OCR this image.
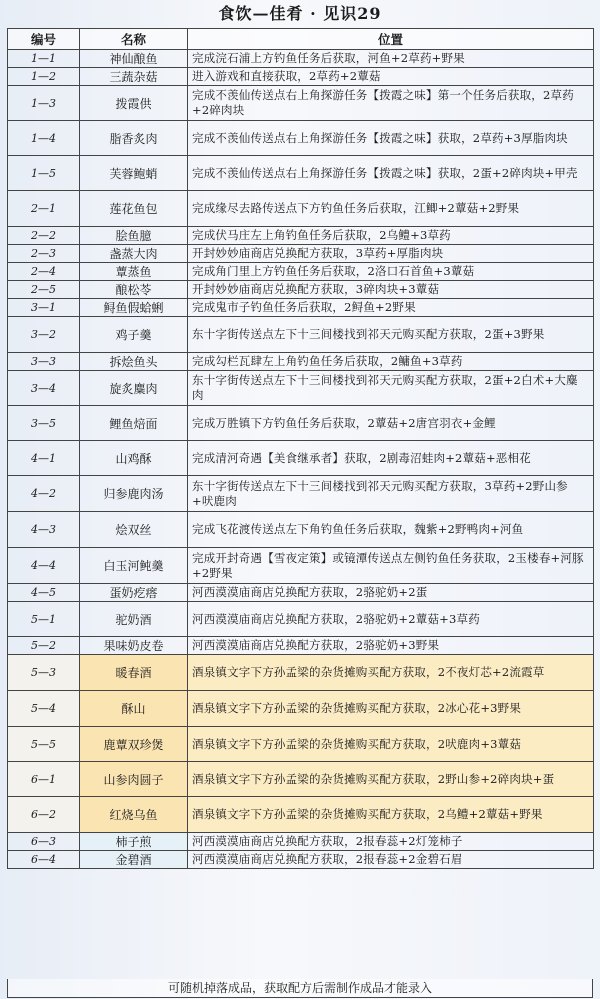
食饮—佳肴 · 见识29
编号	名称	位置
1—1	神仙酿鱼	完成浣石浦上方钓鱼任务后获取，河鱼+2草药+野果
1—2	三蔬杂菇	进入游戏和直接获取，2草药+2蕈菇
1—3	拨霞供	完成不羡仙传送点右上角探游任务【拨霞之味】第一个任务后获取，2草药+2碎肉块
1—4	脂香炙肉	完成不羡仙传送点右上角探游任务【拨霞之味】获取，2草药+3厚脂肉块
1—5	芙蓉鲍蛸	完成不羡仙传送点右上角探游任务【拨霞之味】获取，2蛋+2碎肉块+甲壳
2—1	莲花鱼包	完成缘尽去路传送点下方钓鱼任务后获取，江鲫+2蕈菇+2野果
2—2	脍鱼臆	完成伏马庄左上角钓鱼任务后获取，2乌鳢+3草药
2—3	盏蒸大肉	开封妙妙庙商店兑换配方获取，3草药+厚脂肉块
2—4	蕈蒸鱼	完成角门里上方钓鱼任务后获取，2洛口石首鱼+3蕈菇
2—5	酿松苓	开封妙妙庙商店兑换配方获取，3碎肉块+3蕈菇
3—1	鲟鱼假蛤蜊	完成鬼市子钓鱼任务后获取，2鲟鱼+2野果
3—2	鸡子羹	东十字街传送点左下十三间楼找到祁天元购买配方获取，2蛋+3野果
3—3	拆烩鱼头	完成勾栏瓦肆左上角钓鱼任务后获取，2鳙鱼+3草药
3—4	旋炙麋肉	东十字街传送点左下十三间楼找到祁天元购买配方获取，2蛋+2白术+大麋肉
3—5	鲤鱼焙面	完成万胜镇下方钓鱼任务后获取，2蕈菇+2唐宫羽衣+金鲤
4—1	山鸡酥	完成清河奇遇【美食继承者】获取，2剧毒沼蛙肉+2蕈菇+恶相花
4—2	归参鹿肉汤	东十字街传送点左下十三间楼找到祁天元购买配方获取，3草药+2野山参+吠鹿肉
4—3	烩双丝	完成飞花渡传送点左下角钓鱼任务后获取，魏紫+2野鸭肉+河鱼
4—4	白玉河鲀羹	完成开封奇遇【雪夜定策】或镜潭传送点左侧钓鱼任务获取，2玉楼春+河豚+2野果
4—5	蛋奶疙瘩	河西漠漠庙商店兑换配方获取，2骆驼奶+2蛋
5—1	驼奶酒	河西漠漠庙商店兑换配方获取，2骆驼奶+2蕈菇+3草药
5—2	果味奶皮卷	河西漠漠庙商店兑换配方获取，2骆驼奶+3野果
5—3	暖春酒	酒泉镇文字下方孙孟梁的杂货摊购买配方获取，2不夜灯芯+2流霞草
5—4	酥山	酒泉镇文字下方孙孟梁的杂货摊购买配方获取，2冰心花+3野果
5—5	鹿蕈双珍煲	酒泉镇文字下方孙孟梁的杂货摊购买配方获取，2吠鹿肉+3蕈菇
6—1	山参肉圆子	酒泉镇文字下方孙孟梁的杂货摊购买配方获取，2野山参+2碎肉块+蛋
6—2	红烧乌鱼	酒泉镇文字下方孙孟梁的杂货摊购买配方获取，2乌鳢+2蕈菇+野果
6—3	柿子煎	河西漠漠庙商店兑换配方获取，2报春蕊+2灯笼柿子
6—4	金碧酒	河西漠漠庙商店兑换配方获取，2报春蕊+2金碧石眉
可随机掉落成品，获取配方后需制作成品才能录入
